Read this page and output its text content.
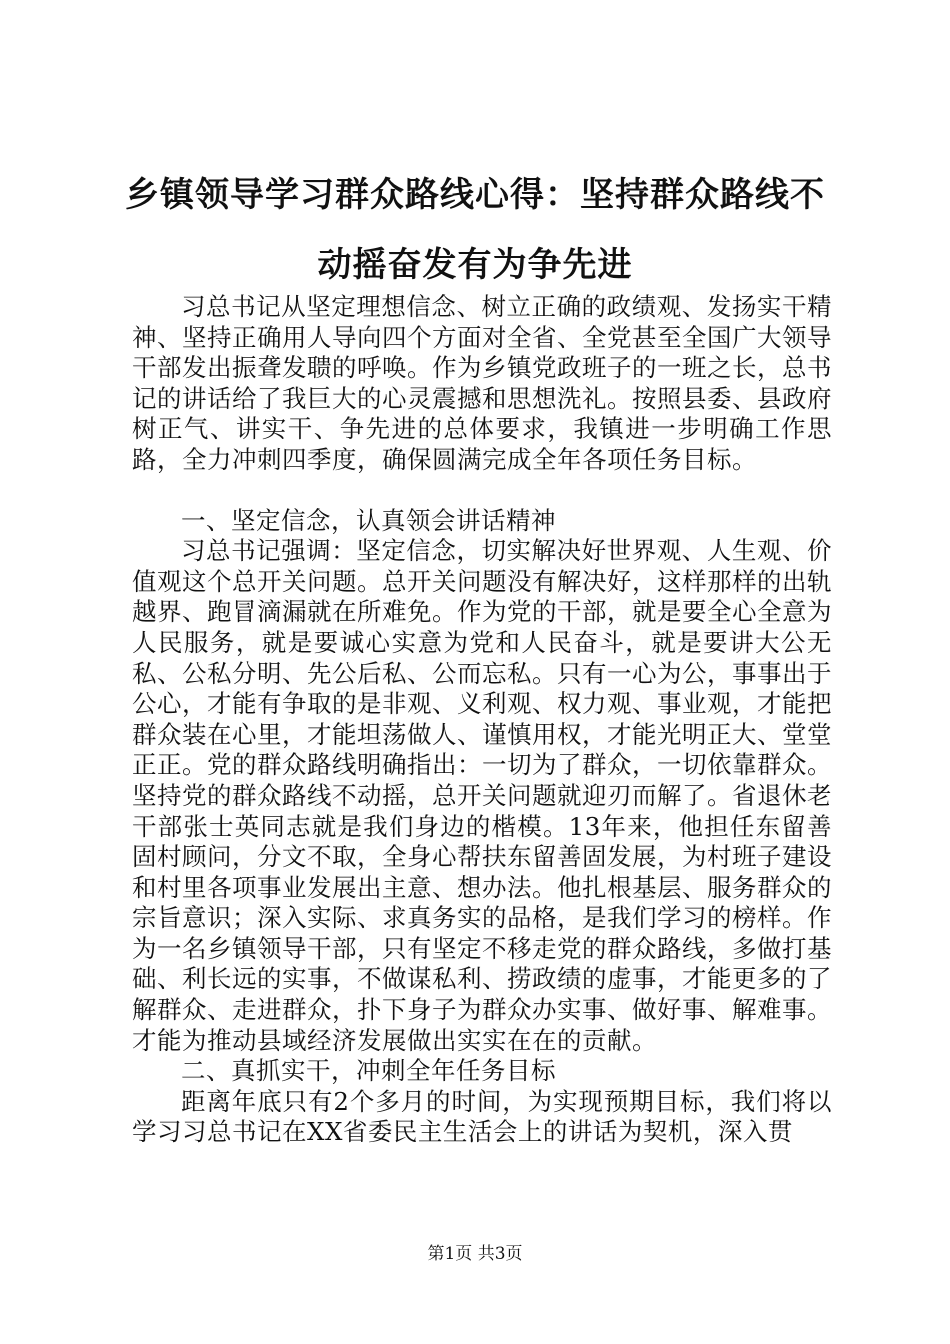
乡镇领导学习群众路线心得：坚持群众路线不动摇奋发有为争先进

习总书记从坚定理想信念、树立正确的政绩观、发扬实干精神、坚持正确用人导向四个方面对全省、全党甚至全国广大领导干部发出振聋发聩的呼唤。作为乡镇党政班子的一班之长，总书记的讲话给了我巨大的心灵震撼和思想洗礼。按照县委、县政府树正气、讲实干、争先进的总体要求，我镇进一步明确工作思路，全力冲刺四季度，确保圆满完成全年各项任务目标。

一、坚定信念，认真领会讲话精神

习总书记强调：坚定信念，切实解决好世界观、人生观、价值观这个总开关问题。总开关问题没有解决好，这样那样的出轨越界、跑冒滴漏就在所难免。作为党的干部，就是要全心全意为人民服务，就是要诚心实意为党和人民奋斗，就是要讲大公无私、公私分明、先公后私、公而忘私。只有一心为公，事事出于公心，才能有争取的是非观、义利观、权力观、事业观，才能把群众装在心里，才能坦荡做人、谨慎用权，才能光明正大、堂堂正正。党的群众路线明确指出：一切为了群众，一切依靠群众。坚持党的群众路线不动摇，总开关问题就迎刃而解了。省退休老干部张士英同志就是我们身边的楷模。13年来，他担任东留善固村顾问，分文不取，全身心帮扶东留善固发展，为村班子建设和村里各项事业发展出主意、想办法。他扎根基层、服务群众的宗旨意识；深入实际、求真务实的品格，是我们学习的榜样。作为一名乡镇领导干部，只有坚定不移走党的群众路线，多做打基础、利长远的实事，不做谋私利、捞政绩的虚事，才能更多的了解群众、走进群众，扑下身子为群众办实事、做好事、解难事。才能为推动县域经济发展做出实实在在的贡献。

二、真抓实干，冲刺全年任务目标

距离年底只有2个多月的时间，为实现预期目标，我们将以学习习总书记在XX省委民主生活会上的讲话为契机，深入贯

第1页 共3页
